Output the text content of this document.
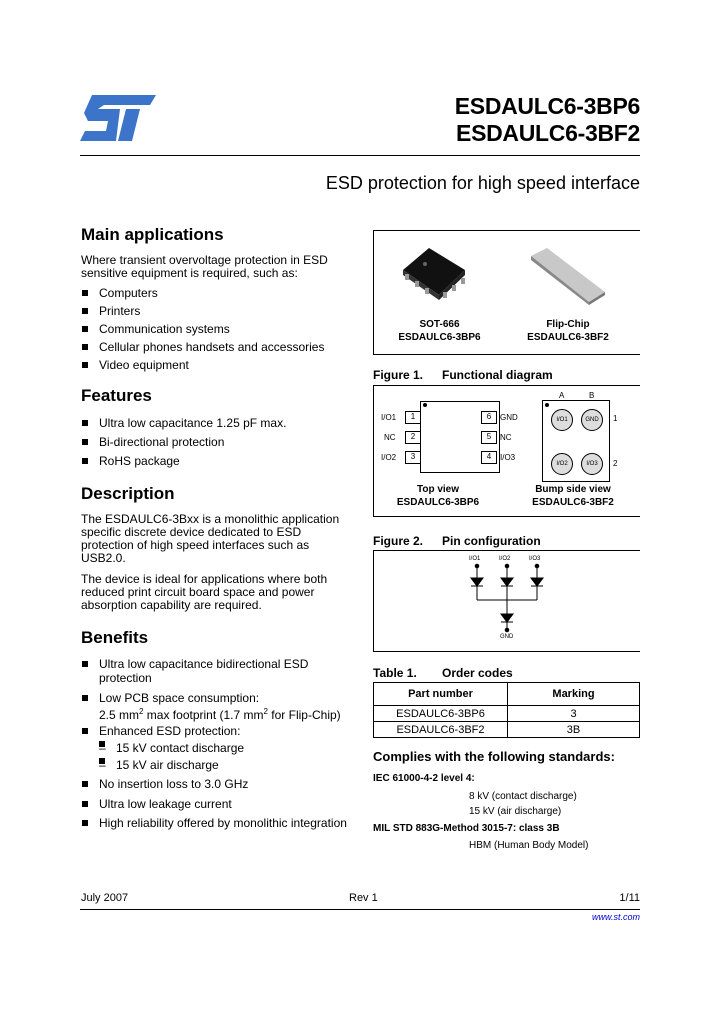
ESDAULC6-3BP6
ESDAULC6-3BF2
ESD protection for high speed interface
Main applications
Where transient overvoltage protection in ESD
sensitive equipment is required, such as:
Computers
Printers
Communication systems
Cellular phones handsets and accessories
Video equipment
Features
Ultra low capacitance 1.25 pF max.
Bi-directional protection
RoHS package
Description
The ESDAULC6-3Bxx is a monolithic application
specific discrete device dedicated to ESD
protection of high speed interfaces such as
USB2.0.
The device is ideal for applications where both
reduced print circuit board space and power
absorption capability are required.
Benefits
Ultra low capacitance bidirectional ESD
protection
Low PCB space consumption:
2.5 $mm^2$ max footprint (1.7 $mm^2$ for Flip-Chip)
Enhanced ESD protection:
– 15 kV contact discharge
– 15 kV air discharge
No insertion loss to 3.0 GHz
Ultra low leakage current
High reliability offered by monolithic integration
SOT-666
ESDAULC6-3BP6
Flip-Chip
ESDAULC6-3BF2
Figure 1. Functional diagram
I/O1	1
NC	2
I/O2	3
6	GND
5	NC
4	I/O3
Top view
ESDAULC6-3BP6
A	B
I/O1	GND
I/O2	I/O3
1
2
Bump side view
ESDAULC6-3BF2
Figure 2. Pin configuration
I/O1	I/O2	I/O3
GND
Table 1. Order codes
Part number	Marking
ESDAULC6-3BP6	3
ESDAULC6-3BF2	3B
Complies with the following standards:
IEC 61000-4-2 level 4:
8 kV (contact discharge)
15 kV (air discharge)
MIL STD 883G-Method 3015-7: class 3B
HBM (Human Body Model)
July 2007	Rev 1	1/11
www.st.com
